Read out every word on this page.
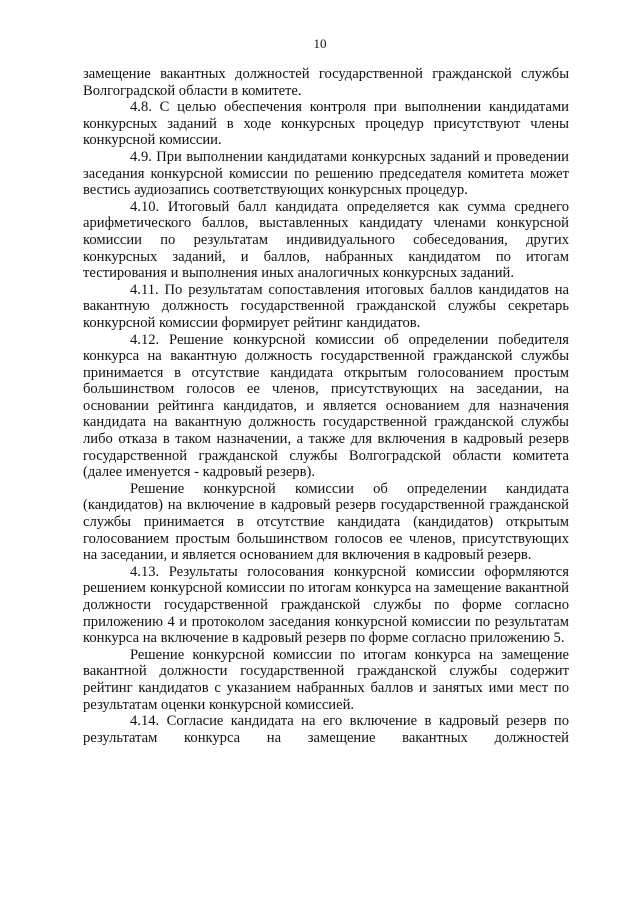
10

замещение вакантных должностей государственной гражданской службы Волгоградской области в комитете.

4.8. С целью обеспечения контроля при выполнении кандидатами конкурсных заданий в ходе конкурсных процедур присутствуют члены конкурсной комиссии.

4.9. При выполнении кандидатами конкурсных заданий и проведении заседания конкурсной комиссии по решению председателя комитета может вестись аудиозапись соответствующих конкурсных процедур.

4.10. Итоговый балл кандидата определяется как сумма среднего арифметического баллов, выставленных кандидату членами конкурсной комиссии по результатам индивидуального собеседования, других конкурсных заданий, и баллов, набранных кандидатом по итогам тестирования и выполнения иных аналогичных конкурсных заданий.

4.11. По результатам сопоставления итоговых баллов кандидатов на вакантную должность государственной гражданской службы секретарь конкурсной комиссии формирует рейтинг кандидатов.

4.12. Решение конкурсной комиссии об определении победителя конкурса на вакантную должность государственной гражданской службы принимается в отсутствие кандидата открытым голосованием простым большинством голосов ее членов, присутствующих на заседании, на основании рейтинга кандидатов, и является основанием для назначения кандидата на вакантную должность государственной гражданской службы либо отказа в таком назначении, а также для включения в кадровый резерв государственной гражданской службы Волгоградской области комитета (далее именуется - кадровый резерв).

Решение конкурсной комиссии об определении кандидата (кандидатов) на включение в кадровый резерв государственной гражданской службы принимается в отсутствие кандидата (кандидатов) открытым голосованием простым большинством голосов ее членов, присутствующих на заседании, и является основанием для включения в кадровый резерв.

4.13. Результаты голосования конкурсной комиссии оформляются решением конкурсной комиссии по итогам конкурса на замещение вакантной должности государственной гражданской службы по форме согласно приложению 4 и протоколом заседания конкурсной комиссии по результатам конкурса на включение в кадровый резерв по форме согласно приложению 5.

Решение конкурсной комиссии по итогам конкурса на замещение вакантной должности государственной гражданской службы содержит рейтинг кандидатов с указанием набранных баллов и занятых ими мест по результатам оценки конкурсной комиссией.

4.14. Согласие кандидата на его включение в кадровый резерв по результатам конкурса на замещение вакантных должностей
